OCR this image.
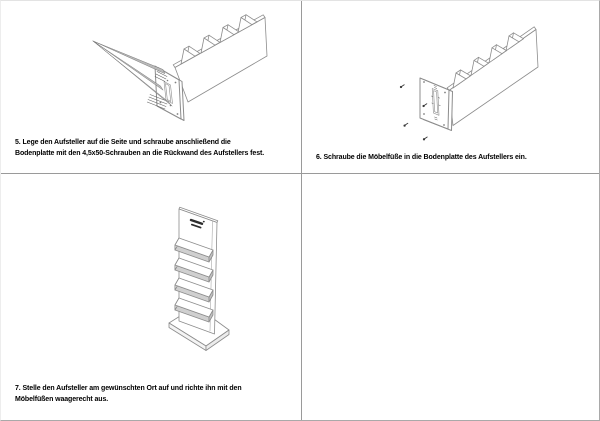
5. Lege den Aufsteller auf die Seite und schraube anschließend die
Bodenplatte mit den 4,5x50-Schrauben an die Rückwand des Aufstellers fest.
6. Schraube die Möbelfüße in die Bodenplatte des Aufstellers ein.
7. Stelle den Aufsteller am gewünschten Ort auf und richte ihn mit den
Möbelfüßen waagerecht aus.
